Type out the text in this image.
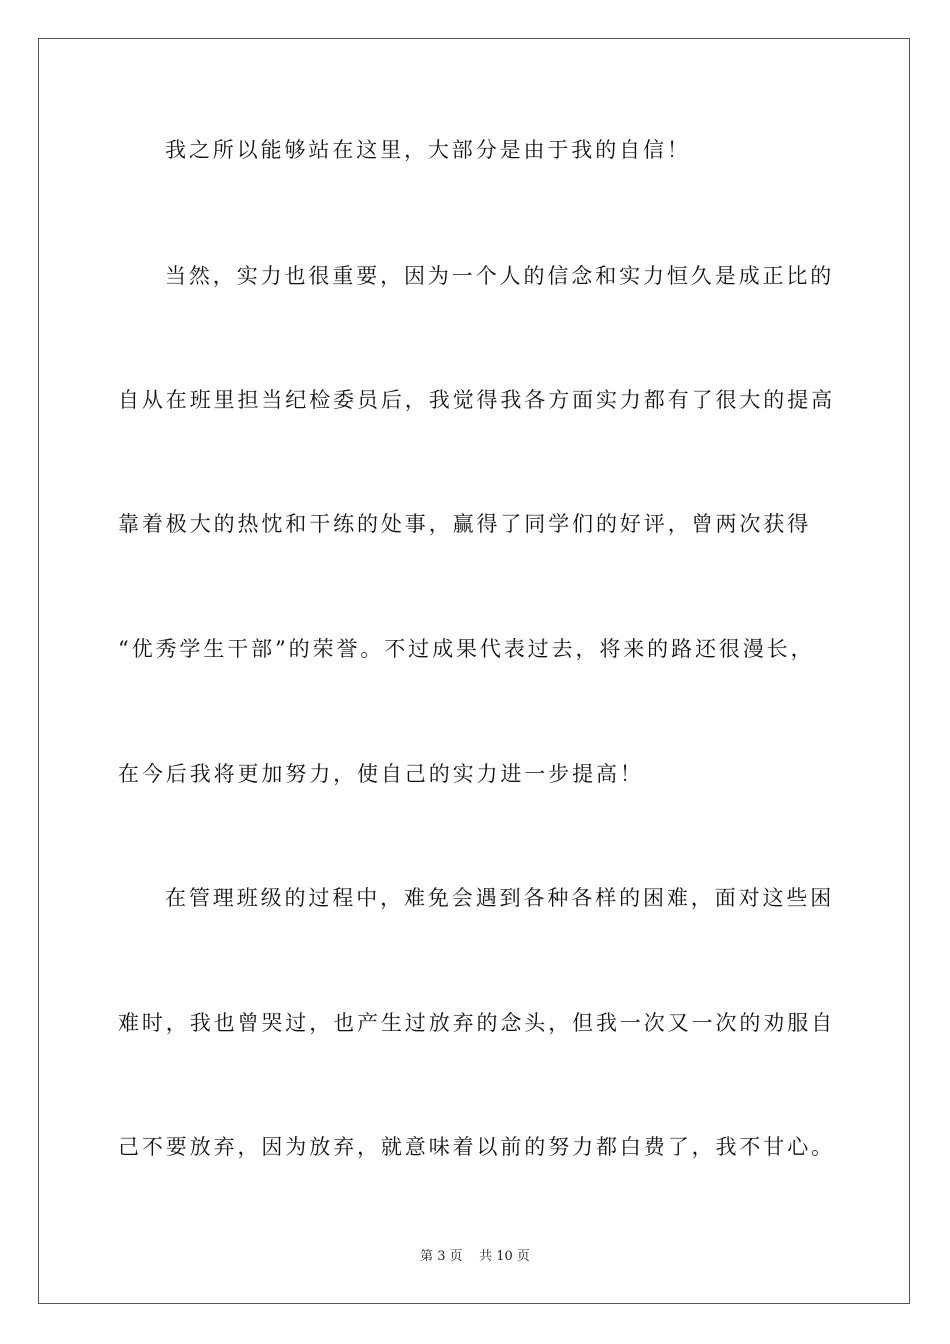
我之所以能够站在这里，大部分是由于我的自信！
当然，实力也很重要，因为一个人的信念和实力恒久是成正比的
自从在班里担当纪检委员后，我觉得我各方面实力都有了很大的提高
靠着极大的热忱和干练的处事，赢得了同学们的好评，曾两次获得
“优秀学生干部”的荣誉。不过成果代表过去，将来的路还很漫长，
在今后我将更加努力，使自己的实力进一步提高！
在管理班级的过程中，难免会遇到各种各样的困难，面对这些困
难时，我也曾哭过，也产生过放弃的念头，但我一次又一次的劝服自
己不要放弃，因为放弃，就意味着以前的努力都白费了，我不甘心。
第 3 页    共 10 页
